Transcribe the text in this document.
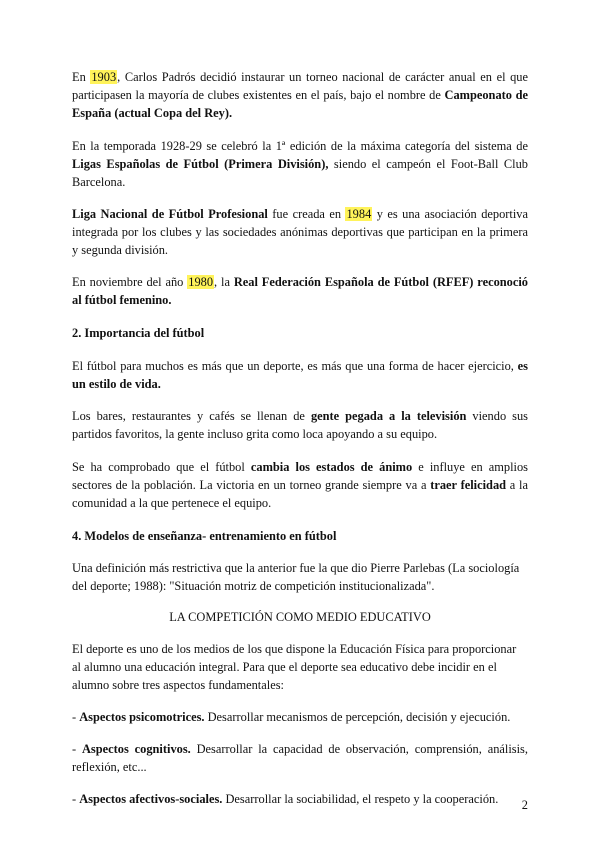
En 1903, Carlos Padrós decidió instaurar un torneo nacional de carácter anual en el que participasen la mayoría de clubes existentes en el país, bajo el nombre de Campeonato de España (actual Copa del Rey).

En la temporada 1928-29 se celebró la 1ª edición de la máxima categoría del sistema de Ligas Españolas de Fútbol (Primera División), siendo el campeón el Foot-Ball Club Barcelona.

Liga Nacional de Fútbol Profesional fue creada en 1984 y es una asociación deportiva integrada por los clubes y las sociedades anónimas deportivas que participan en la primera y segunda división.

En noviembre del año 1980, la Real Federación Española de Fútbol (RFEF) reconoció al fútbol femenino.

2. Importancia del fútbol

El fútbol para muchos es más que un deporte, es más que una forma de hacer ejercicio, es un estilo de vida.

Los bares, restaurantes y cafés se llenan de gente pegada a la televisión viendo sus partidos favoritos, la gente incluso grita como loca apoyando a su equipo.

Se ha comprobado que el fútbol cambia los estados de ánimo e influye en amplios sectores de la población. La victoria en un torneo grande siempre va a traer felicidad a la comunidad a la que pertenece el equipo.

4. Modelos de enseñanza- entrenamiento en fútbol

Una definición más restrictiva que la anterior fue la que dio Pierre Parlebas (La sociología del deporte; 1988): "Situación motriz de competición institucionalizada".

LA COMPETICIÓN COMO MEDIO EDUCATIVO

El deporte es uno de los medios de los que dispone la Educación Física para proporcionar al alumno una educación integral. Para que el deporte sea educativo debe incidir en el alumno sobre tres aspectos fundamentales:

- Aspectos psicomotrices. Desarrollar mecanismos de percepción, decisión y ejecución.

- Aspectos cognitivos. Desarrollar la capacidad de observación, comprensión, análisis, reflexión, etc...

- Aspectos afectivos-sociales. Desarrollar la sociabilidad, el respeto y la cooperación.	2
